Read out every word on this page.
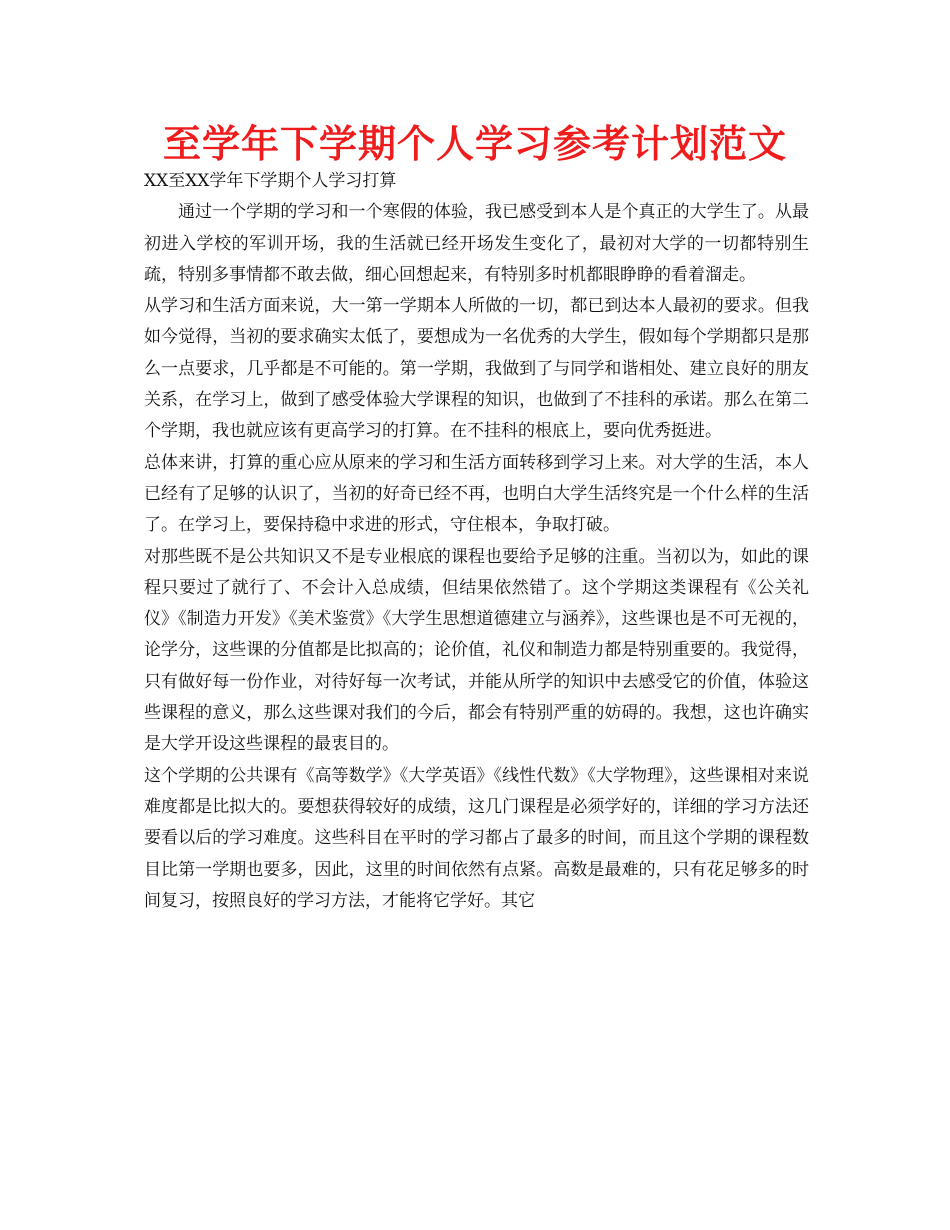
至学年下学期个人学习参考计划范文

XX至XX学年下学期个人学习打算

通过一个学期的学习和一个寒假的体验，我已感受到本人是个真正的大学生了。从最初进入学校的军训开场，我的生活就已经开场发生变化了，最初对大学的一切都特别生疏，特别多事情都不敢去做，细心回想起来，有特别多时机都眼睁睁的看着溜走。

从学习和生活方面来说，大一第一学期本人所做的一切，都已到达本人最初的要求。但我如今觉得，当初的要求确实太低了，要想成为一名优秀的大学生，假如每个学期都只是那么一点要求，几乎都是不可能的。第一学期，我做到了与同学和谐相处、建立良好的朋友关系，在学习上，做到了感受体验大学课程的知识，也做到了不挂科的承诺。那么在第二个学期，我也就应该有更高学习的打算。在不挂科的根底上，要向优秀挺进。

总体来讲，打算的重心应从原来的学习和生活方面转移到学习上来。对大学的生活，本人已经有了足够的认识了，当初的好奇已经不再，也明白大学生活终究是一个什么样的生活了。在学习上，要保持稳中求进的形式，守住根本，争取打破。

对那些既不是公共知识又不是专业根底的课程也要给予足够的注重。当初以为，如此的课程只要过了就行了、不会计入总成绩，但结果依然错了。这个学期这类课程有《公关礼仪》《制造力开发》《美术鉴赏》《大学生思想道德建立与涵养》，这些课也是不可无视的，论学分，这些课的分值都是比拟高的；论价值，礼仪和制造力都是特别重要的。我觉得，只有做好每一份作业，对待好每一次考试，并能从所学的知识中去感受它的价值，体验这些课程的意义，那么这些课对我们的今后，都会有特别严重的妨碍的。我想，这也许确实是大学开设这些课程的最衷目的。

这个学期的公共课有《高等数学》《大学英语》《线性代数》《大学物理》，这些课相对来说难度都是比拟大的。要想获得较好的成绩，这几门课程是必须学好的，详细的学习方法还要看以后的学习难度。这些科目在平时的学习都占了最多的时间，而且这个学期的课程数目比第一学期也要多，因此，这里的时间依然有点紧。高数是最难的，只有花足够多的时间复习，按照良好的学习方法，才能将它学好。其它
